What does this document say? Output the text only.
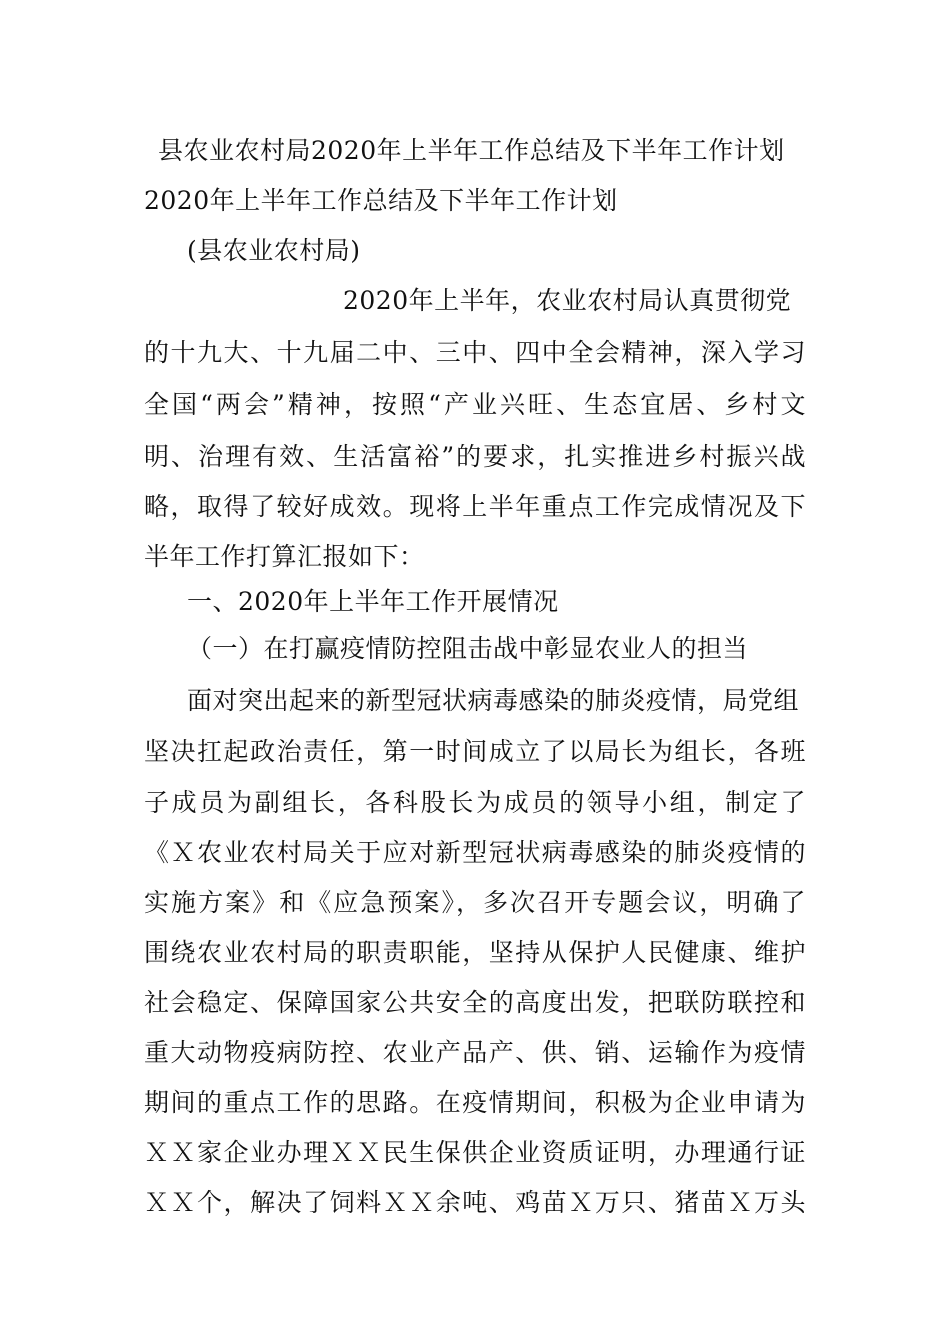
县农业农村局2020年上半年工作总结及下半年工作计划
2020年上半年工作总结及下半年工作计划
(县农业农村局)
2020年上半年，农业农村局认真贯彻党
的十九大、十九届二中、三中、四中全会精神，深入学习
全国“两会”精神，按照“产业兴旺、生态宜居、乡村文
明、治理有效、生活富裕”的要求，扎实推进乡村振兴战
略，取得了较好成效。现将上半年重点工作完成情况及下
半年工作打算汇报如下：
一、2020年上半年工作开展情况
（一）在打赢疫情防控阻击战中彰显农业人的担当
面对突出起来的新型冠状病毒感染的肺炎疫情，局党组
坚决扛起政治责任，第一时间成立了以局长为组长，各班
子成员为副组长，各科股长为成员的领导小组，制定了
《Ｘ农业农村局关于应对新型冠状病毒感染的肺炎疫情的
实施方案》和《应急预案》，多次召开专题会议，明确了
围绕农业农村局的职责职能，坚持从保护人民健康、维护
社会稳定、保障国家公共安全的高度出发，把联防联控和
重大动物疫病防控、农业产品产、供、销、运输作为疫情
期间的重点工作的思路。在疫情期间，积极为企业申请为
ＸＸ家企业办理ＸＸ民生保供企业资质证明，办理通行证
ＸＸ个，解决了饲料ＸＸ余吨、鸡苗Ｘ万只、猪苗Ｘ万头
